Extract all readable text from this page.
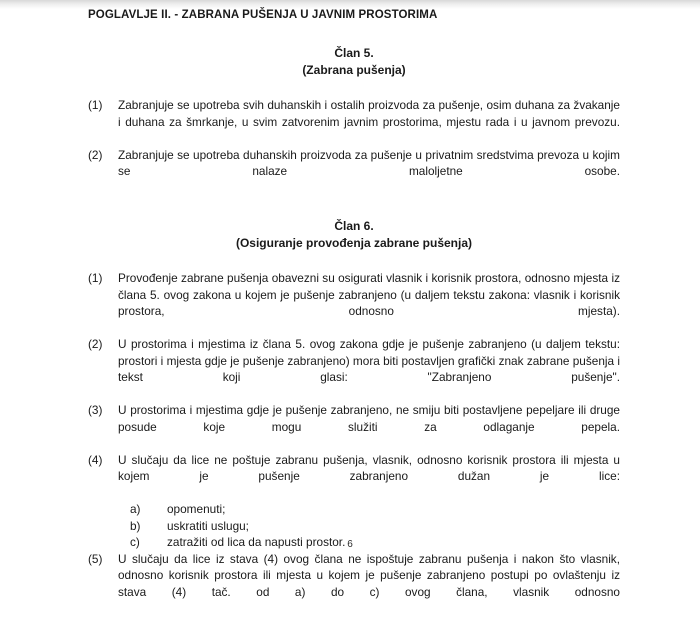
POGLAVLJE II. - ZABRANA PUŠENJA U JAVNIM PROSTORIMA
Član 5.
(Zabrana pušenja)
(1)	Zabranjuje se upotreba svih duhanskih i ostalih proizvoda za pušenje, osim duhana za žvakanje i duhana za šmrkanje, u svim zatvorenim javnim prostorima, mjestu rada i u javnom prevozu.
(2)	Zabranjuje se upotreba duhanskih proizvoda za pušenje u privatnim sredstvima prevoza u kojim se nalaze maloljetne osobe.
Član 6.
(Osiguranje provođenja zabrane pušenja)
(1)	Provođenje zabrane pušenja obavezni su osigurati vlasnik i korisnik prostora, odnosno mjesta iz člana 5. ovog zakona u kojem je pušenje zabranjeno (u daljem tekstu zakona: vlasnik i korisnik prostora, odnosno mjesta).
(2)	U prostorima i mjestima iz člana 5. ovog zakona gdje je pušenje zabranjeno (u daljem tekstu: prostori i mjesta gdje je pušenje zabranjeno) mora biti postavljen grafički znak zabrane pušenja i tekst koji glasi: "Zabranjeno pušenje".
(3)	U prostorima i mjestima gdje je pušenje zabranjeno, ne smiju biti postavljene pepeljare ili druge posude koje mogu služiti za odlaganje pepela.
(4)	U slučaju da lice ne poštuje zabranu pušenja, vlasnik, odnosno korisnik prostora ili mjesta u kojem je pušenje zabranjeno dužan je lice:
a) opomenuti;
b) uskratiti uslugu;
c) zatražiti od lica da napusti prostor.
(5)	U slučaju da lice iz stava (4) ovog člana ne ispoštuje zabranu pušenja i nakon što vlasnik, odnosno korisnik prostora ili mjesta u kojem je pušenje zabranjeno postupi po ovlaštenju iz stava (4) tač. od a) do c) ovog člana, vlasnik odnosno
6
